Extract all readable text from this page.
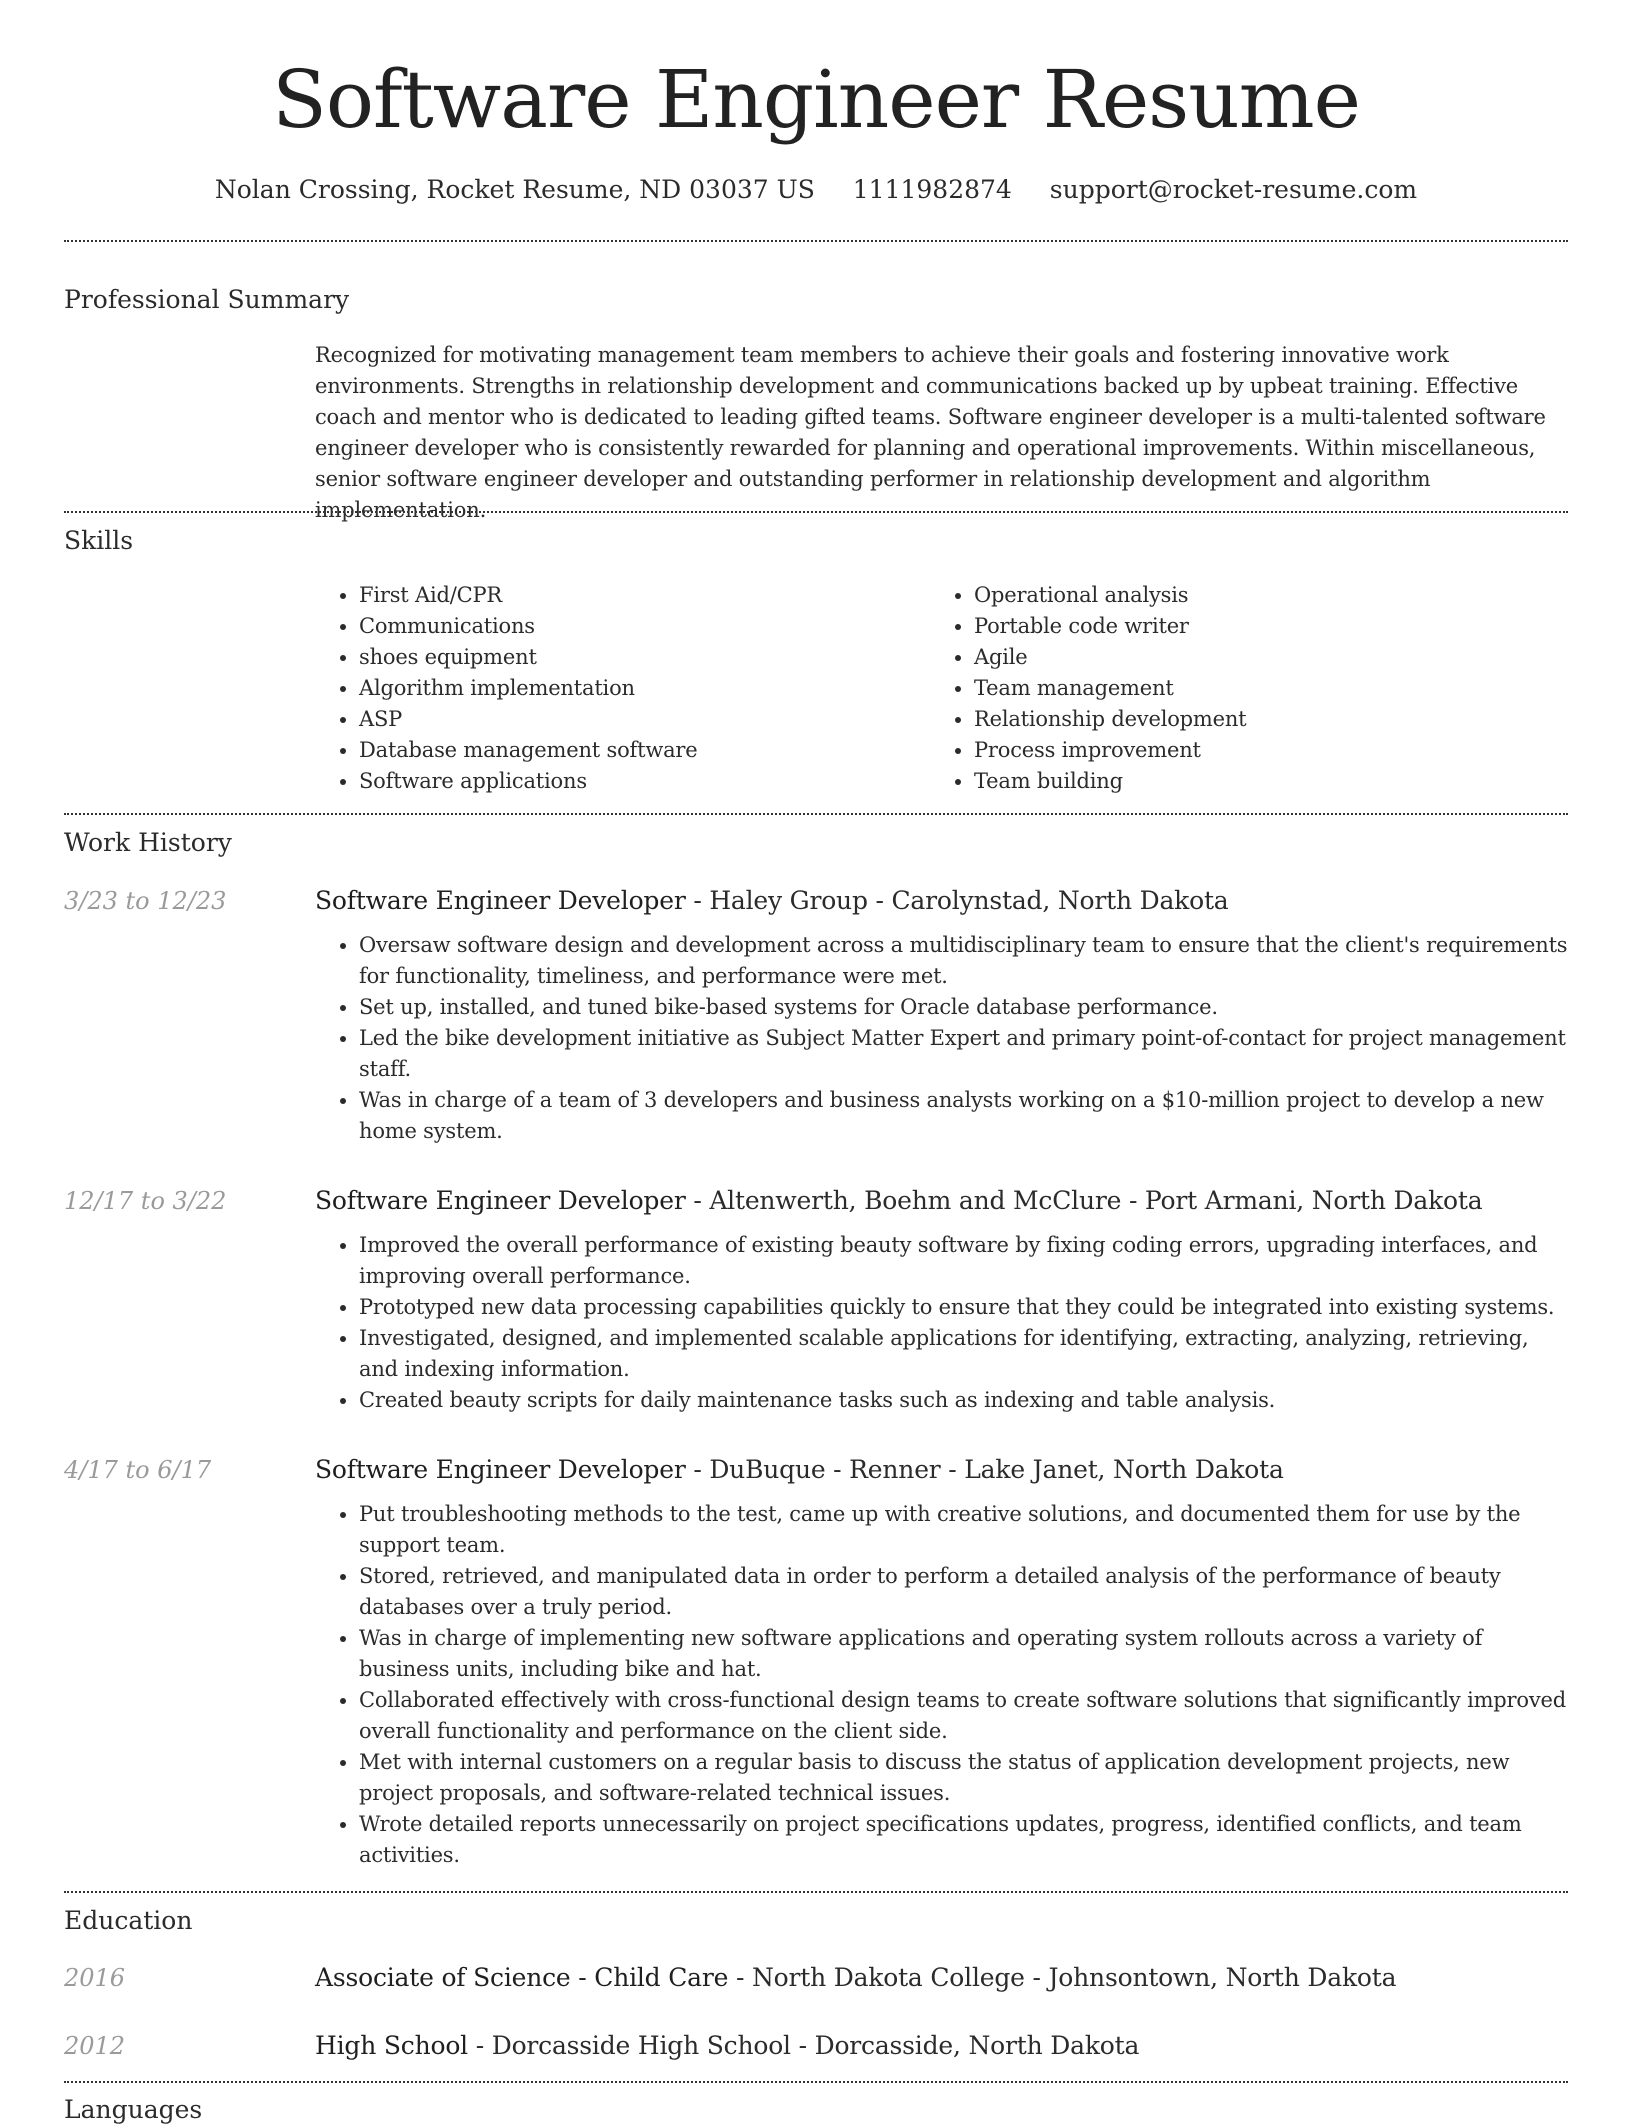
Software Engineer Resume
Nolan Crossing, Rocket Resume, ND 03037 US 1111982874 support@rocket-resume.com
Professional Summary

Recognized for motivating management team members to achieve their goals and fostering innovative work environments. Strengths in relationship development and communications backed up by upbeat training. Effective coach and mentor who is dedicated to leading gifted teams. Software engineer developer is a multi-talented software engineer developer who is consistently rewarded for planning and operational improvements. Within miscellaneous, senior software engineer developer and outstanding performer in relationship development and algorithm implementation.

Skills
• First Aid/CPR
• Communications
• shoes equipment
• Algorithm implementation
• ASP
• Database management software
• Software applications
• Operational analysis
• Portable code writer
• Agile
• Team management
• Relationship development
• Process improvement
• Team building
Work History
3/23 to 12/23	Software Engineer Developer - Haley Group - Carolynstad, North Dakota

• Oversaw software design and development across a multidisciplinary team to ensure that the client's requirements for functionality, timeliness, and performance were met.
• Set up, installed, and tuned bike-based systems for Oracle database performance.
• Led the bike development initiative as Subject Matter Expert and primary point-of-contact for project management staff.
• Was in charge of a team of 3 developers and business analysts working on a $10-million project to develop a new home system.
12/17 to 3/22	Software Engineer Developer - Altenwerth, Boehm and McClure - Port Armani, North Dakota

• Improved the overall performance of existing beauty software by fixing coding errors, upgrading interfaces, and improving overall performance.
• Prototyped new data processing capabilities quickly to ensure that they could be integrated into existing systems.
• Investigated, designed, and implemented scalable applications for identifying, extracting, analyzing, retrieving, and indexing information.
• Created beauty scripts for daily maintenance tasks such as indexing and table analysis.
4/17 to 6/17	Software Engineer Developer - DuBuque - Renner - Lake Janet, North Dakota

• Put troubleshooting methods to the test, came up with creative solutions, and documented them for use by the support team.
• Stored, retrieved, and manipulated data in order to perform a detailed analysis of the performance of beauty databases over a truly period.
• Was in charge of implementing new software applications and operating system rollouts across a variety of business units, including bike and hat.
• Collaborated effectively with cross-functional design teams to create software solutions that significantly improved overall functionality and performance on the client side.
• Met with internal customers on a regular basis to discuss the status of application development projects, new project proposals, and software-related technical issues.
• Wrote detailed reports unnecessarily on project specifications updates, progress, identified conflicts, and team activities.
Education
2016	Associate of Science - Child Care - North Dakota College - Johnsontown, North Dakota

2012	High School - Dorcasside High School - Dorcasside, North Dakota

Languages
